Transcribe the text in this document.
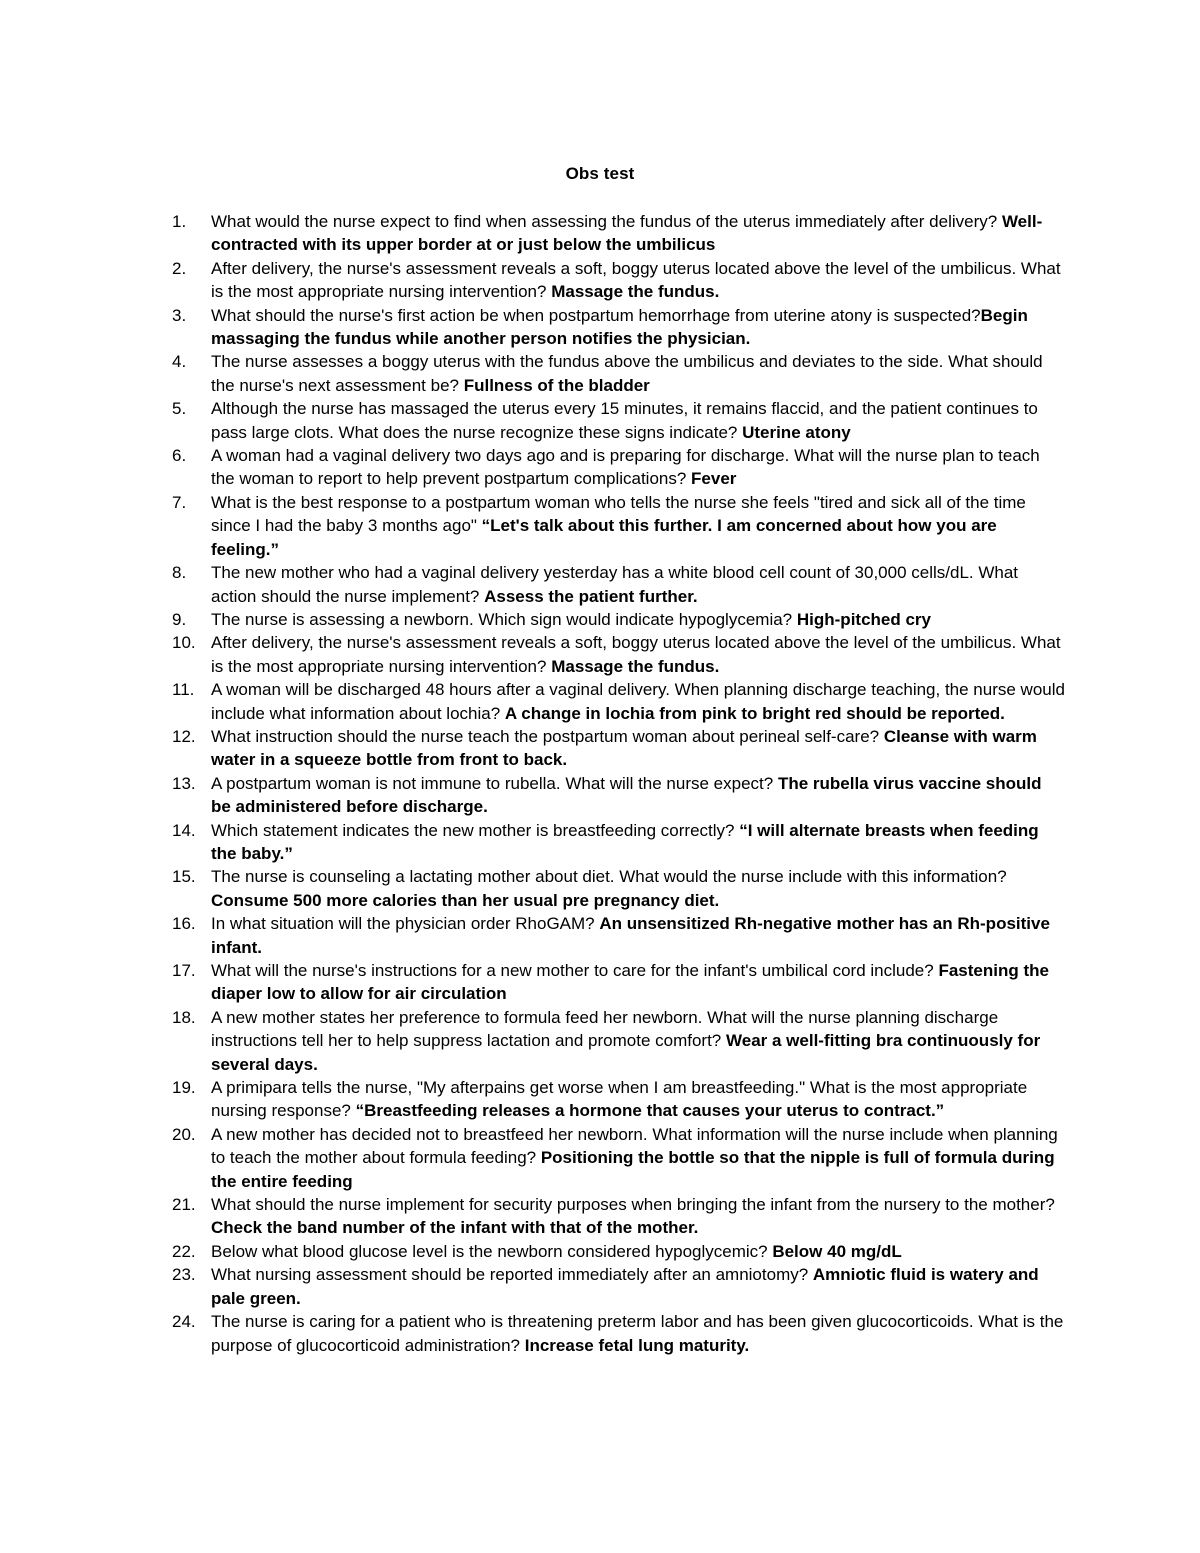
Obs test
1. What would the nurse expect to find when assessing the fundus of the uterus immediately after delivery? Well-contracted with its upper border at or just below the umbilicus
2. After delivery, the nurse's assessment reveals a soft, boggy uterus located above the level of the umbilicus. What is the most appropriate nursing intervention? Massage the fundus.
3. What should the nurse's first action be when postpartum hemorrhage from uterine atony is suspected?Begin massaging the fundus while another person notifies the physician.
4. The nurse assesses a boggy uterus with the fundus above the umbilicus and deviates to the side. What should the nurse's next assessment be? Fullness of the bladder
5. Although the nurse has massaged the uterus every 15 minutes, it remains flaccid, and the patient continues to pass large clots. What does the nurse recognize these signs indicate? Uterine atony
6. A woman had a vaginal delivery two days ago and is preparing for discharge. What will the nurse plan to teach the woman to report to help prevent postpartum complications? Fever
7. What is the best response to a postpartum woman who tells the nurse she feels "tired and sick all of the time since I had the baby 3 months ago" “Let's talk about this further. I am concerned about how you are feeling.”
8. The new mother who had a vaginal delivery yesterday has a white blood cell count of 30,000 cells/dL. What action should the nurse implement? Assess the patient further.
9. The nurse is assessing a newborn. Which sign would indicate hypoglycemia? High-pitched cry
10. After delivery, the nurse's assessment reveals a soft, boggy uterus located above the level of the umbilicus. What is the most appropriate nursing intervention? Massage the fundus.
11. A woman will be discharged 48 hours after a vaginal delivery. When planning discharge teaching, the nurse would include what information about lochia? A change in lochia from pink to bright red should be reported.
12. What instruction should the nurse teach the postpartum woman about perineal self-care? Cleanse with warm water in a squeeze bottle from front to back.
13. A postpartum woman is not immune to rubella. What will the nurse expect? The rubella virus vaccine should be administered before discharge.
14. Which statement indicates the new mother is breastfeeding correctly? “I will alternate breasts when feeding the baby.”
15. The nurse is counseling a lactating mother about diet. What would the nurse include with this information? Consume 500 more calories than her usual pre pregnancy diet.
16. In what situation will the physician order RhoGAM? An unsensitized Rh-negative mother has an Rh-positive infant.
17. What will the nurse's instructions for a new mother to care for the infant's umbilical cord include? Fastening the diaper low to allow for air circulation
18. A new mother states her preference to formula feed her newborn. What will the nurse planning discharge instructions tell her to help suppress lactation and promote comfort? Wear a well-fitting bra continuously for several days.
19. A primipara tells the nurse, "My afterpains get worse when I am breastfeeding." What is the most appropriate nursing response? “Breastfeeding releases a hormone that causes your uterus to contract.”
20. A new mother has decided not to breastfeed her newborn. What information will the nurse include when planning to teach the mother about formula feeding? Positioning the bottle so that the nipple is full of formula during the entire feeding
21. What should the nurse implement for security purposes when bringing the infant from the nursery to the mother? Check the band number of the infant with that of the mother.
22. Below what blood glucose level is the newborn considered hypoglycemic? Below 40 mg/dL
23. What nursing assessment should be reported immediately after an amniotomy? Amniotic fluid is watery and pale green.
24. The nurse is caring for a patient who is threatening preterm labor and has been given glucocorticoids. What is the purpose of glucocorticoid administration? Increase fetal lung maturity.
